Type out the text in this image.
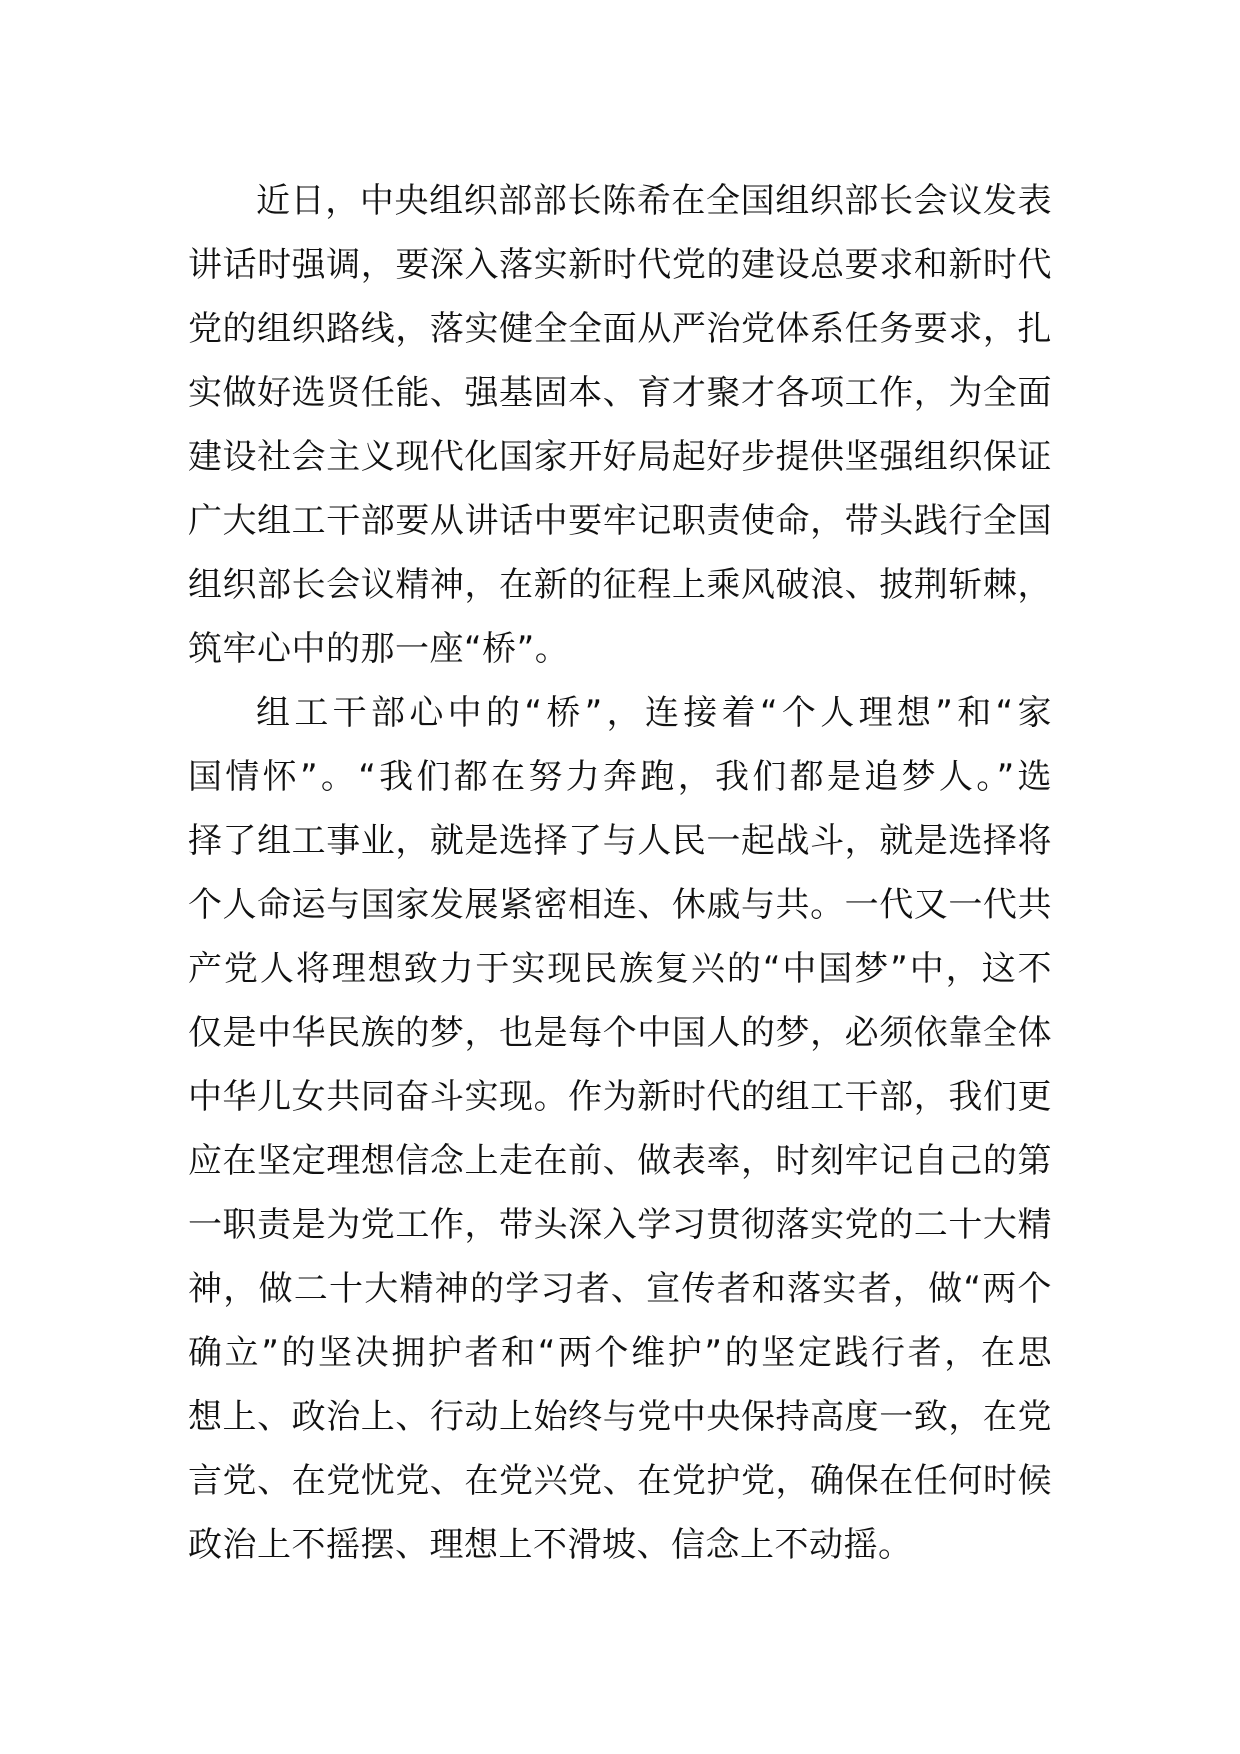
近日，中央组织部部长陈希在全国组织部长会议发表
讲话时强调，要深入落实新时代党的建设总要求和新时代
党的组织路线，落实健全全面从严治党体系任务要求，扎
实做好选贤任能、强基固本、育才聚才各项工作，为全面
建设社会主义现代化国家开好局起好步提供坚强组织保证
广大组工干部要从讲话中要牢记职责使命，带头践行全国
组织部长会议精神，在新的征程上乘风破浪、披荆斩棘，
筑牢心中的那一座“桥”。
组工干部心中的“桥”，连接着“个人理想”和“家
国情怀”。“我们都在努力奔跑，我们都是追梦人。”选
择了组工事业，就是选择了与人民一起战斗，就是选择将
个人命运与国家发展紧密相连、休戚与共。一代又一代共
产党人将理想致力于实现民族复兴的“中国梦”中，这不
仅是中华民族的梦，也是每个中国人的梦，必须依靠全体
中华儿女共同奋斗实现。作为新时代的组工干部，我们更
应在坚定理想信念上走在前、做表率，时刻牢记自己的第
一职责是为党工作，带头深入学习贯彻落实党的二十大精
神，做二十大精神的学习者、宣传者和落实者，做“两个
确立”的坚决拥护者和“两个维护”的坚定践行者，在思
想上、政治上、行动上始终与党中央保持高度一致，在党
言党、在党忧党、在党兴党、在党护党，确保在任何时候
政治上不摇摆、理想上不滑坡、信念上不动摇。
